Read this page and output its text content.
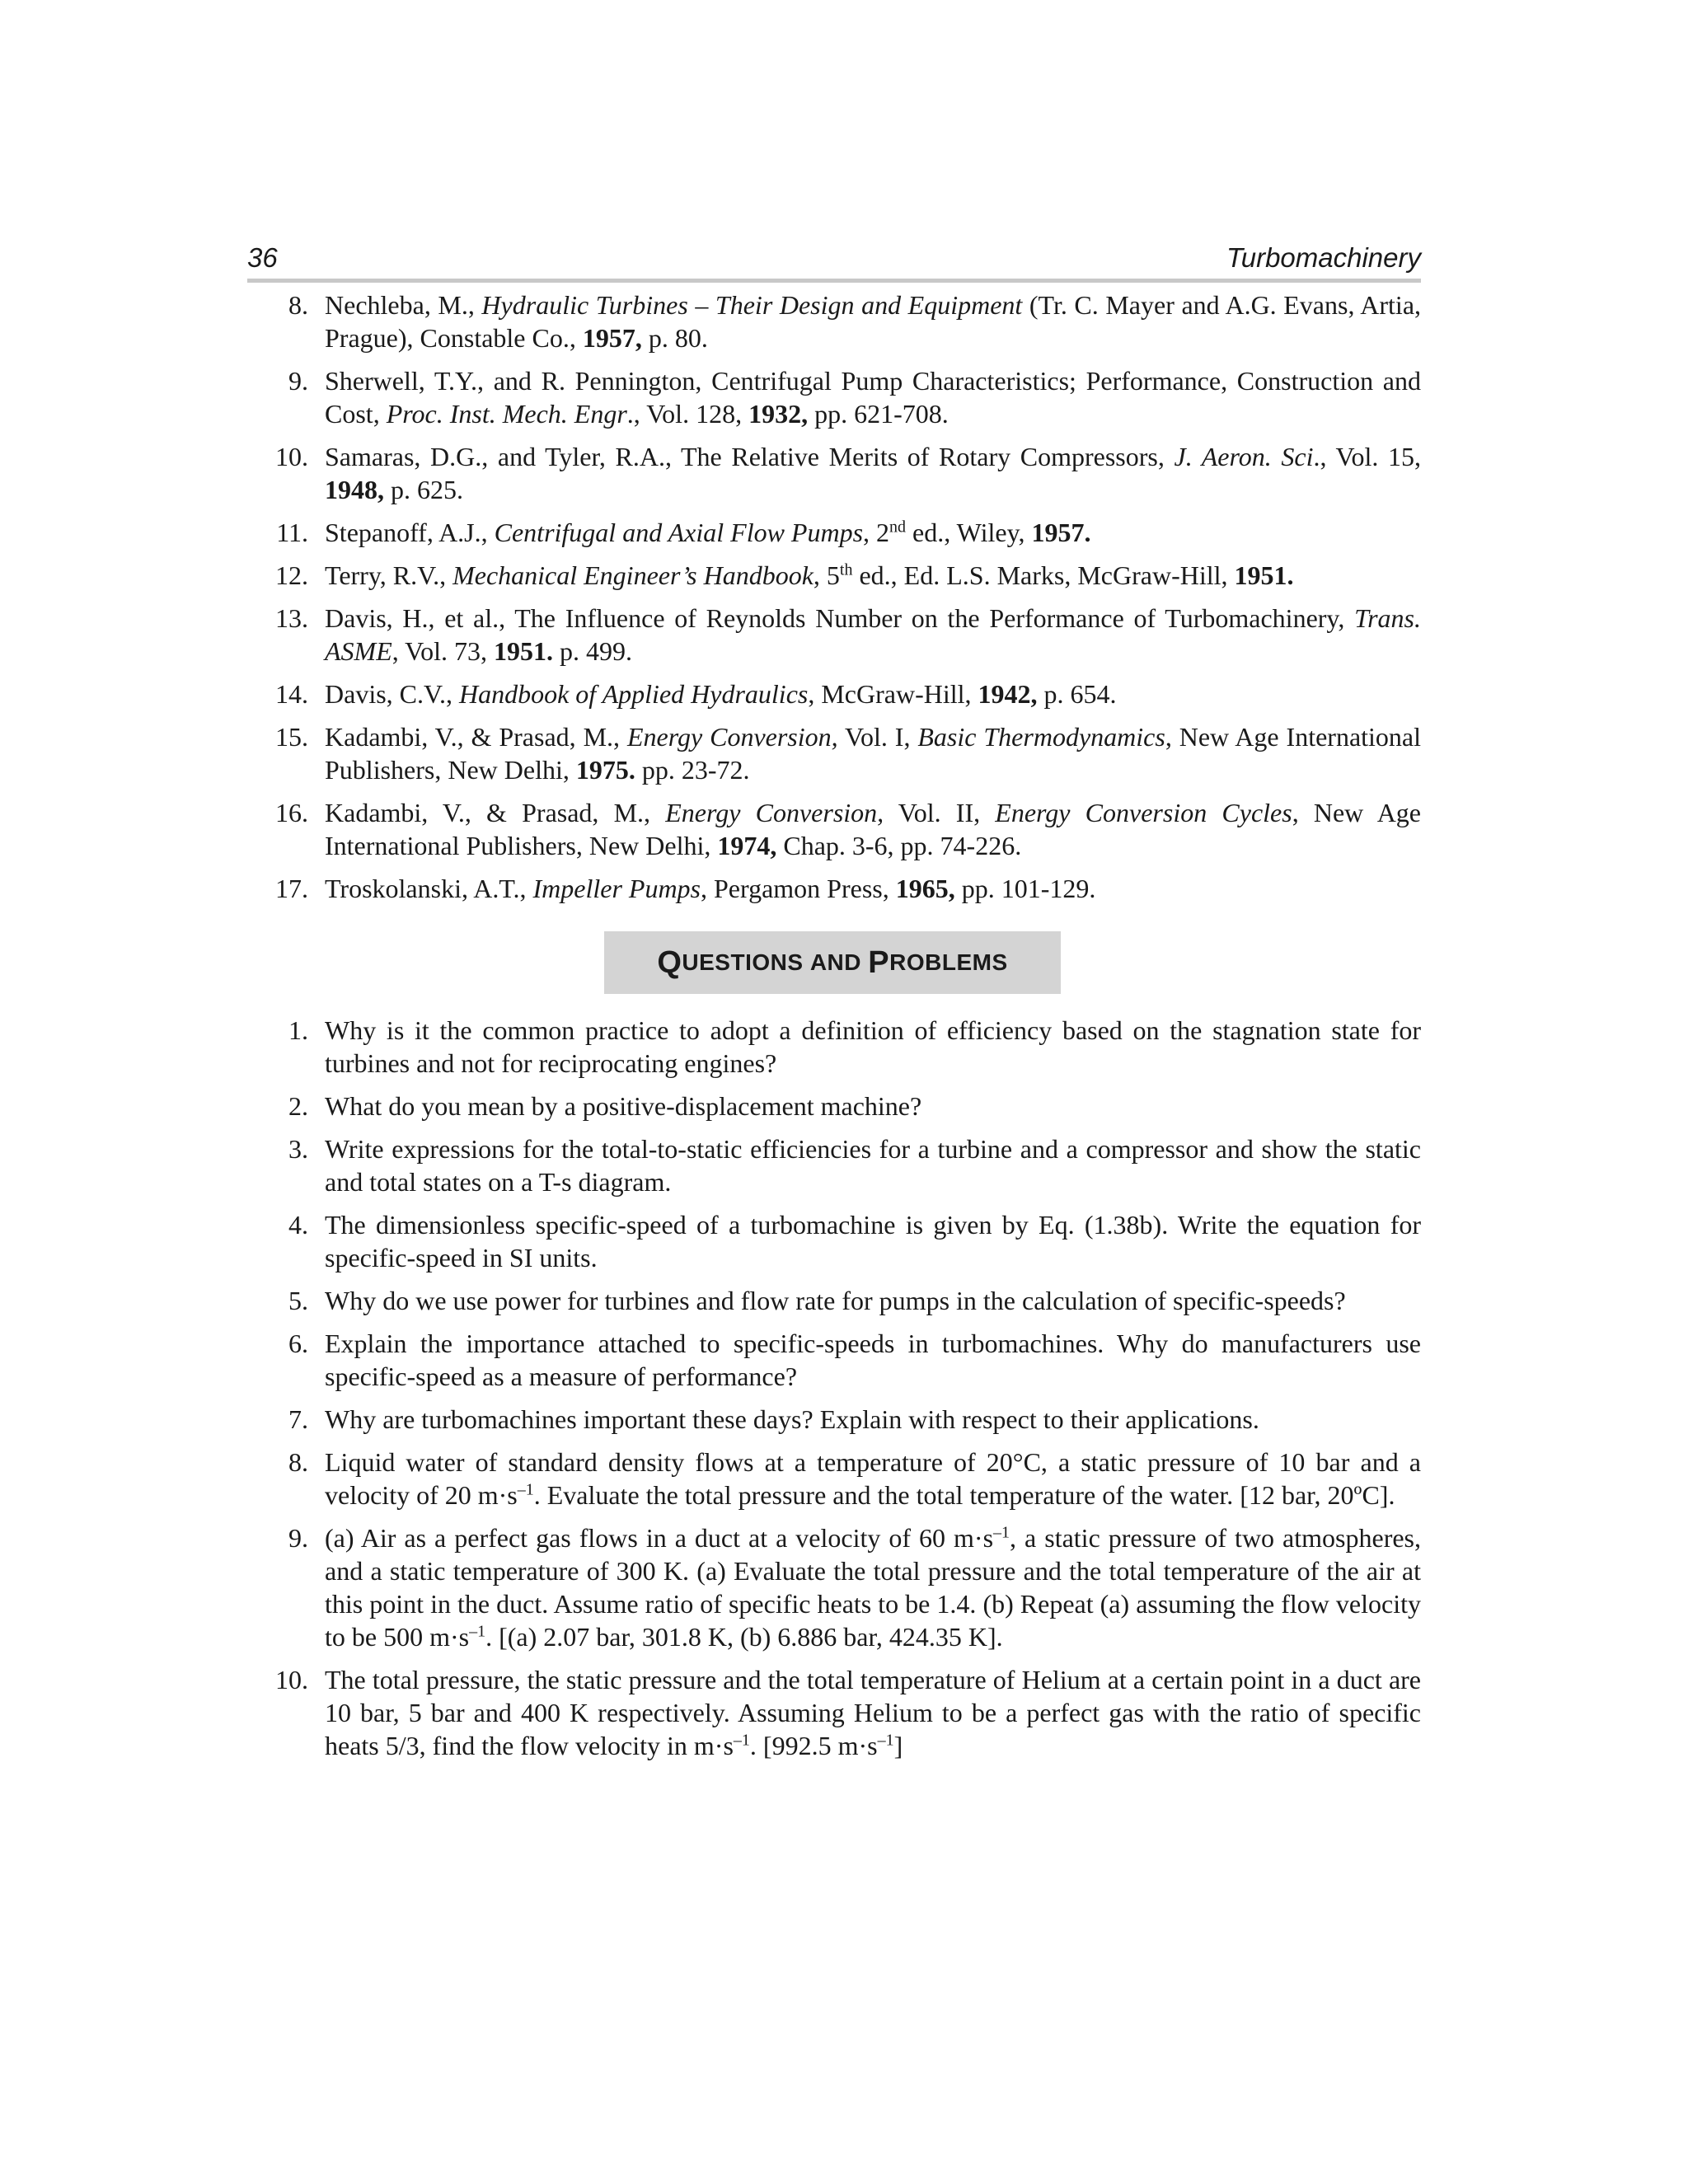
36	Turbomachinery
8. Nechleba, M., Hydraulic Turbines – Their Design and Equipment (Tr. C. Mayer and A.G. Evans, Artia, Prague), Constable Co., 1957, p. 80.
9. Sherwell, T.Y., and R. Pennington, Centrifugal Pump Characteristics; Performance, Construction and Cost, Proc. Inst. Mech. Engr., Vol. 128, 1932, pp. 621-708.
10. Samaras, D.G., and Tyler, R.A., The Relative Merits of Rotary Compressors, J. Aeron. Sci., Vol. 15, 1948, p. 625.
11. Stepanoff, A.J., Centrifugal and Axial Flow Pumps, 2nd ed., Wiley, 1957.
12. Terry, R.V., Mechanical Engineer’s Handbook, 5th ed., Ed. L.S. Marks, McGraw-Hill, 1951.
13. Davis, H., et al., The Influence of Reynolds Number on the Performance of Turbomachinery, Trans. ASME, Vol. 73, 1951. p. 499.
14. Davis, C.V., Handbook of Applied Hydraulics, McGraw-Hill, 1942, p. 654.
15. Kadambi, V., & Prasad, M., Energy Conversion, Vol. I, Basic Thermodynamics, New Age International Publishers, New Delhi, 1975. pp. 23-72.
16. Kadambi, V., & Prasad, M., Energy Conversion, Vol. II, Energy Conversion Cycles, New Age International Publishers, New Delhi, 1974, Chap. 3-6, pp. 74-226.
17. Troskolanski, A.T., Impeller Pumps, Pergamon Press, 1965, pp. 101-129.
Q UESTIONS
AND
P ROBLEMS
1. Why is it the common practice to adopt a definition of efficiency based on the stagnation state for turbines and not for reciprocating engines?
2. What do you mean by a positive-displacement machine?
3. Write expressions for the total-to-static efficiencies for a turbine and a compressor and show the static and total states on a T-s diagram.
4. The dimensionless specific-speed of a turbomachine is given by Eq. (1.38b). Write the equation for specific-speed in SI units.
5. Why do we use power for turbines and flow rate for pumps in the calculation of specific-speeds?
6. Explain the importance attached to specific-speeds in turbomachines. Why do manufacturers use specific-speed as a measure of performance?
7. Why are turbomachines important these days? Explain with respect to their applications.
8. Liquid water of standard density flows at a temperature of 20°C, a static pressure of 10 bar and a velocity of 20 $m\cdot s^{-1}$. Evaluate the total pressure and the total temperature of the water. [12 bar, 20ºC].
9. (a) Air as a perfect gas flows in a duct at a velocity of 60 $m\cdot s^{-1}$, a static pressure of two atmospheres, and a static temperature of 300 K. (a) Evaluate the total pressure and the total temperature of the air at this point in the duct. Assume ratio of specific heats to be 1.4. (b) Repeat (a) assuming the flow velocity to be 500 $m\cdot s^{-1}$. [(a) 2.07 bar, 301.8 K, (b) 6.886 bar, 424.35 K].
10. The total pressure, the static pressure and the total temperature of Helium at a certain point in a duct are 10 bar, 5 bar and 400 K respectively. Assuming Helium to be a perfect gas with the ratio of specific heats 5/3, find the flow velocity in $m\cdot s^{-1}$. [992.5 $m\cdot s^{-1}$]
